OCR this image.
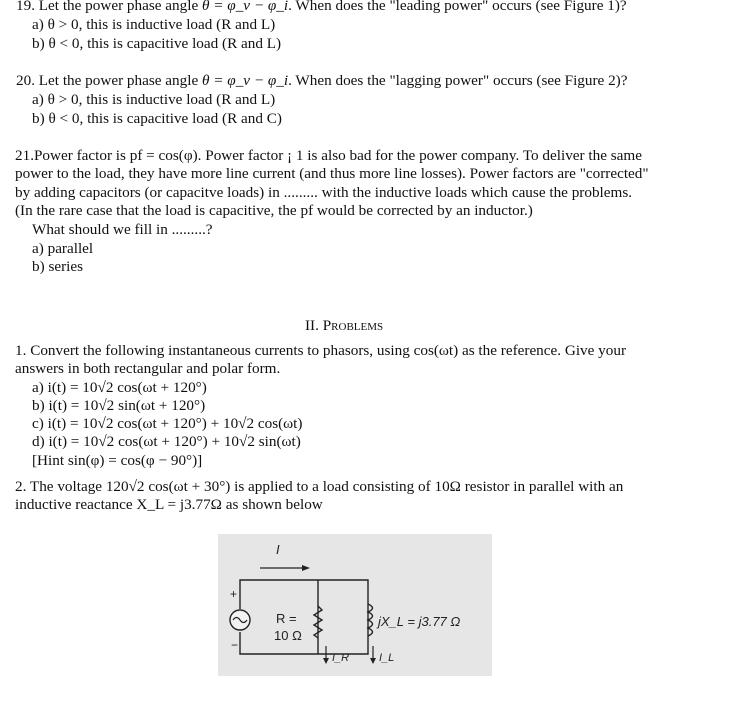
19. Let the power phase angle θ = φ_v − φ_i. When does the "leading power" occurs (see Figure 1)?
a) θ > 0, this is inductive load (R and L)
b) θ < 0, this is capacitive load (R and L)
20. Let the power phase angle θ = φ_v − φ_i. When does the "lagging power" occurs (see Figure 2)?
a) θ > 0, this is inductive load (R and L)
b) θ < 0, this is capacitive load (R and C)
21.Power factor is pf = cos(φ). Power factor ¡ 1 is also bad for the power company. To deliver the same
power to the load, they have more line current (and thus more line losses). Power factors are "corrected"
by adding capacitors (or capacitve loads) in ......... with the inductive loads which cause the problems.
(In the rare case that the load is capacitive, the pf would be corrected by an inductor.)
What should we fill in .........?
a) parallel
b) series
II. Problems
1. Convert the following instantaneous currents to phasors, using cos(ωt) as the reference. Give your
answers in both rectangular and polar form.
a) i(t) = 10√2 cos(ωt + 120°)
b) i(t) = 10√2 sin(ωt + 120°)
c) i(t) = 10√2 cos(ωt + 120°) + 10√2 cos(ωt)
d) i(t) = 10√2 cos(ωt + 120°) + 10√2 sin(ωt)
[Hint sin(φ) = cos(φ − 90°)]
2. The voltage 120√2 cos(ωt + 30°) is applied to a load consisting of 10Ω resistor in parallel with an
inductive reactance X_L = j3.77Ω as shown below
I
+
−
R =
10 Ω
jX_L = j3.77 Ω
I_R	I_L
